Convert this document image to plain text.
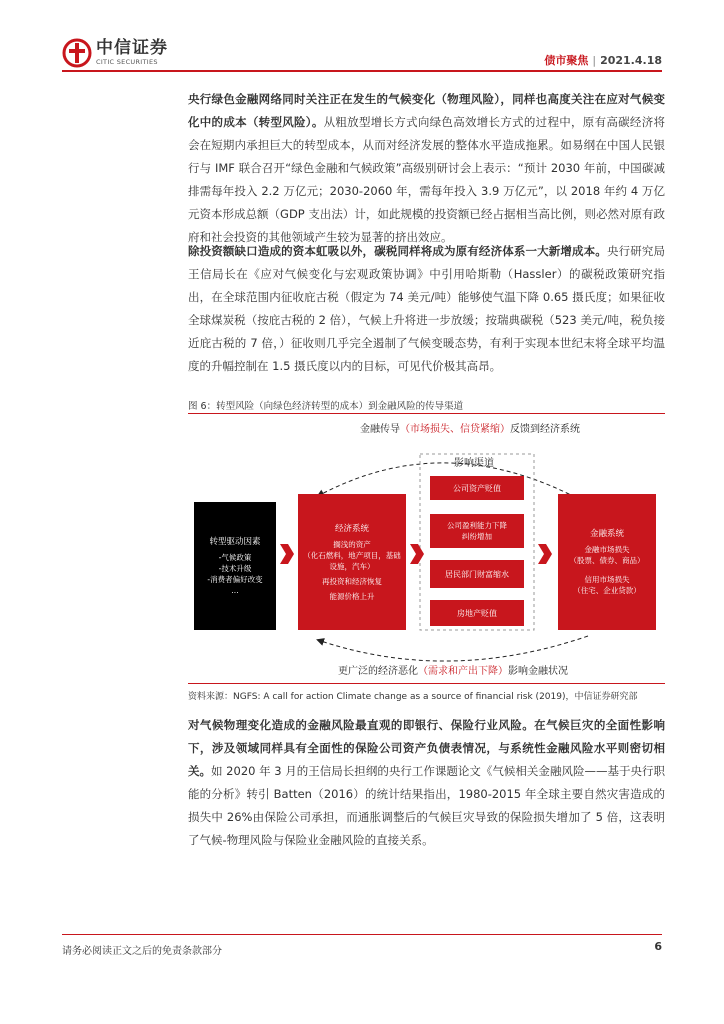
中信证券
CITIC SECURITIES	债市聚焦 | 2021.4.18
央行绿色金融网络同时关注正在发生的气候变化（物理风险），同样也高度关注在应对气候变化中的成本（转型风险）。从粗放型增长方式向绿色高效增长方式的过程中，原有高碳经济将会在短期内承担巨大的转型成本，从而对经济发展的整体水平造成拖累。如易纲在中国人民银行与 IMF 联合召开“绿色金融和气候政策”高级别研讨会上表示：“预计 2030 年前，中国碳减排需每年投入 2.2 万亿元；2030-2060 年，需每年投入 3.9 万亿元”，以 2018 年约 4 万亿元资本形成总额（GDP 支出法）计，如此规模的投资额已经占据相当高比例，则必然对原有政府和社会投资的其他领域产生较为显著的挤出效应。
除投资额缺口造成的资本虹吸以外，碳税同样将成为原有经济体系一大新增成本。央行研究局王信局长在《应对气候变化与宏观政策协调》中引用哈斯勒（Hassler）的碳税政策研究指出，在全球范围内征收庇古税（假定为 74 美元/吨）能够使气温下降 0.65 摄氏度；如果征收全球煤炭税（按庇古税的 2 倍），气候上升将进一步放缓；按瑞典碳税（523 美元/吨，税负接近庇古税的 7 倍，）征收则几乎完全遏制了气候变暖态势，有利于实现本世纪末将全球平均温度的升幅控制在 1.5 摄氏度以内的目标，可见代价极其高昂。
图 6：转型风险（向绿色经济转型的成本）到金融风险的传导渠道
金融传导（市场损失、信贷紧缩）反馈到经济系统
影响渠道
转型驱动因素
-气候政策
-技术升级
-消费者偏好改变
...
经济系统
搁浅的资产
（化石燃料，地产项目，基础设施，汽车）
再投资和经济恢复
能源价格上升
公司资产贬值
公司盈利能力下降
纠纷增加
居民部门财富缩水
房地产贬值
金融系统
金融市场损失
（股票、债券、商品）
信用市场损失
（住宅、企业贷款）
更广泛的经济恶化（需求和产出下降）影响金融状况
资料来源：NGFS: A call for action Climate change as a source of financial risk (2019)，中信证券研究部
对气候物理变化造成的金融风险最直观的即银行、保险行业风险。在气候巨灾的全面性影响下，涉及领域同样具有全面性的保险公司资产负债表情况，与系统性金融风险水平则密切相关。如 2020 年 3 月的王信局长担纲的央行工作课题论文《气候相关金融风险——基于央行职能的分析》转引 Batten（2016）的统计结果指出，1980-2015 年全球主要自然灾害造成的损失中 26%由保险公司承担，而通胀调整后的气候巨灾导致的保险损失增加了 5 倍，这表明了气候-物理风险与保险业金融风险的直接关系。
请务必阅读正文之后的免责条款部分	6
